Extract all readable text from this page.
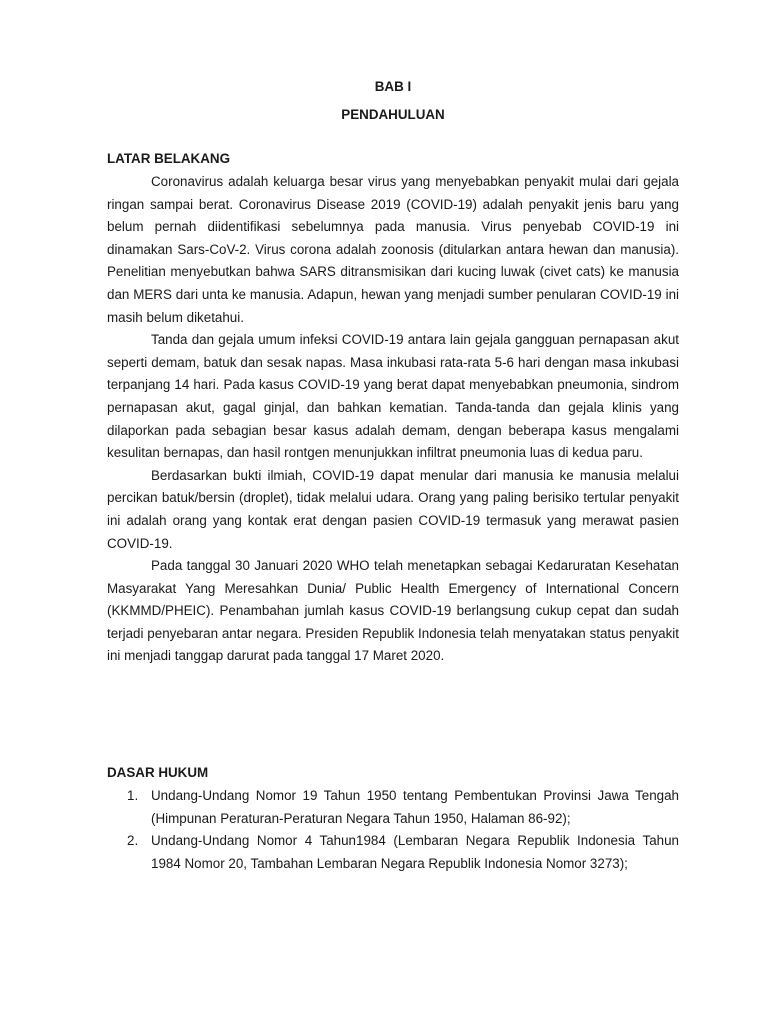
BAB I

PENDAHULUAN

LATAR BELAKANG

Coronavirus adalah keluarga besar virus yang menyebabkan penyakit mulai dari gejala ringan sampai berat. Coronavirus Disease 2019 (COVID-19) adalah penyakit jenis baru yang belum pernah diidentifikasi sebelumnya pada manusia. Virus penyebab COVID-19 ini dinamakan Sars-CoV-2. Virus corona adalah zoonosis (ditularkan antara hewan dan manusia). Penelitian menyebutkan bahwa SARS ditransmisikan dari kucing luwak (civet cats) ke manusia dan MERS dari unta ke manusia. Adapun, hewan yang menjadi sumber penularan COVID-19 ini masih belum diketahui.

Tanda dan gejala umum infeksi COVID-19 antara lain gejala gangguan pernapasan akut seperti demam, batuk dan sesak napas. Masa inkubasi rata-rata 5-6 hari dengan masa inkubasi terpanjang 14 hari. Pada kasus COVID-19 yang berat dapat menyebabkan pneumonia, sindrom pernapasan akut, gagal ginjal, dan bahkan kematian. Tanda-tanda dan gejala klinis yang dilaporkan pada sebagian besar kasus adalah demam, dengan beberapa kasus mengalami kesulitan bernapas, dan hasil rontgen menunjukkan infiltrat pneumonia luas di kedua paru.

Berdasarkan bukti ilmiah, COVID-19 dapat menular dari manusia ke manusia melalui percikan batuk/bersin (droplet), tidak melalui udara. Orang yang paling berisiko tertular penyakit ini adalah orang yang kontak erat dengan pasien COVID-19 termasuk yang merawat pasien COVID-19.

Pada tanggal 30 Januari 2020 WHO telah menetapkan sebagai Kedaruratan Kesehatan Masyarakat Yang Meresahkan Dunia/ Public Health Emergency of International Concern (KKMMD/PHEIC). Penambahan jumlah kasus COVID-19 berlangsung cukup cepat dan sudah terjadi penyebaran antar negara. Presiden Republik Indonesia telah menyatakan status penyakit ini menjadi tanggap darurat pada tanggal 17 Maret 2020.

DASAR HUKUM

1. Undang-Undang Nomor 19 Tahun 1950 tentang Pembentukan Provinsi Jawa Tengah (Himpunan Peraturan-Peraturan Negara Tahun 1950, Halaman 86-92);
2. Undang-Undang Nomor 4 Tahun1984 (Lembaran Negara Republik Indonesia Tahun 1984 Nomor 20, Tambahan Lembaran Negara Republik Indonesia Nomor 3273);
